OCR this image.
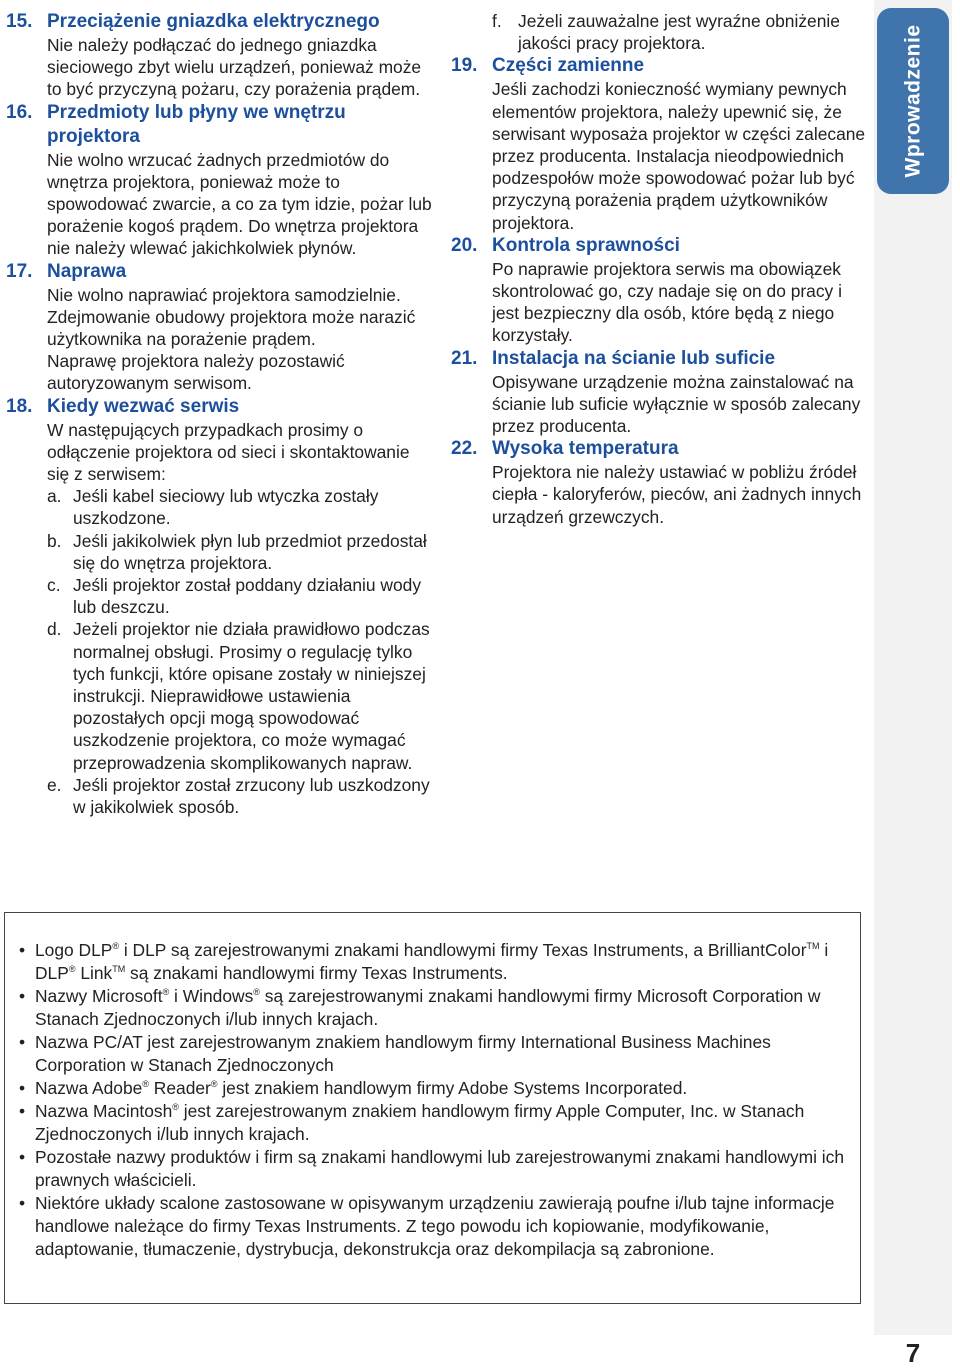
Wprowadzenie
7
15. Przeciążenie gniazdka elektrycznego
Nie należy podłączać do jednego gniazdka sieciowego zbyt wielu urządzeń, ponieważ może to być przyczyną pożaru, czy porażenia prądem.
16. Przedmioty lub płyny we wnętrzu projektora
Nie wolno wrzucać żadnych przedmiotów do wnętrza projektora, ponieważ może to spowodować zwarcie, a co za tym idzie, pożar lub porażenie kogoś prądem. Do wnętrza projektora nie należy wlewać jakichkolwiek płynów.
17. Naprawa
Nie wolno naprawiać projektora samodzielnie.
Zdejmowanie obudowy projektora może narazić użytkownika na porażenie prądem.
Naprawę projektora należy pozostawić autoryzowanym serwisom.
18. Kiedy wezwać serwis
W następujących przypadkach prosimy o odłączenie projektora od sieci i skontaktowanie się z serwisem:
a. Jeśli kabel sieciowy lub wtyczka zostały uszkodzone.
b. Jeśli jakikolwiek płyn lub przedmiot przedostał się do wnętrza projektora.
c. Jeśli projektor został poddany działaniu wody lub deszczu.
d. Jeżeli projektor nie działa prawidłowo podczas normalnej obsługi. Prosimy o regulację tylko tych funkcji, które opisane zostały w niniejszej instrukcji. Nieprawidłowe ustawienia pozostałych opcji mogą spowodować uszkodzenie projektora, co może wymagać przeprowadzenia skomplikowanych napraw.
e. Jeśli projektor został zrzucony lub uszkodzony w jakikolwiek sposób.
f. Jeżeli zauważalne jest wyraźne obniżenie jakości pracy projektora.
19. Części zamienne
Jeśli zachodzi konieczność wymiany pewnych elementów projektora, należy upewnić się, że serwisant wyposaża projektor w części zalecane przez producenta. Instalacja nieodpowiednich podzespołów może spowodować pożar lub być przyczyną porażenia prądem użytkowników projektora.
20. Kontrola sprawności
Po naprawie projektora serwis ma obowiązek skontrolować go, czy nadaje się on do pracy i jest bezpieczny dla osób, które będą z niego korzystały.
21. Instalacja na ścianie lub suficie
Opisywane urządzenie można zainstalować na ścianie lub suficie wyłącznie w sposób zalecany przez producenta.
22. Wysoka temperatura
Projektora nie należy ustawiać w pobliżu źródeł ciepła - kaloryferów, pieców, ani żadnych innych urządzeń grzewczych.
• Logo DLP® i DLP są zarejestrowanymi znakami handlowymi firmy Texas Instruments, a BrilliantColor™ i DLP® Link™ są znakami handlowymi firmy Texas Instruments.
• Nazwy Microsoft® i Windows® są zarejestrowanymi znakami handlowymi firmy Microsoft Corporation w Stanach Zjednoczonych i/lub innych krajach.
• Nazwa PC/AT jest zarejestrowanym znakiem handlowym firmy International Business Machines Corporation w Stanach Zjednoczonych
• Nazwa Adobe® Reader® jest znakiem handlowym firmy Adobe Systems Incorporated.
• Nazwa Macintosh® jest zarejestrowanym znakiem handlowym firmy Apple Computer, Inc. w Stanach Zjednoczonych i/lub innych krajach.
• Pozostałe nazwy produktów i firm są znakami handlowymi lub zarejestrowanymi znakami handlowymi ich prawnych właścicieli.
• Niektóre układy scalone zastosowane w opisywanym urządzeniu zawierają poufne i/lub tajne informacje handlowe należące do firmy Texas Instruments. Z tego powodu ich kopiowanie, modyfikowanie, adaptowanie, tłumaczenie, dystrybucja, dekonstrukcja oraz dekompilacja są zabronione.
